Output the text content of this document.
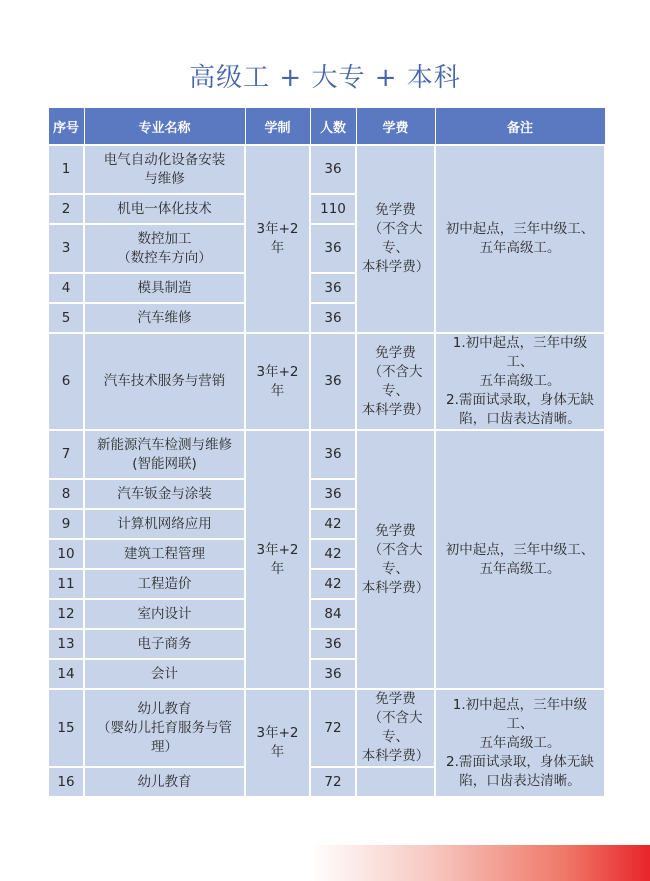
高级工 + 大专 + 本科
序号	专业名称	学制	人数	学费	备注
1	电气自动化设备安装
与维修	3年+2年	36	免学费
（不含大专、
本科学费）	初中起点，三年中级工、
五年高级工。

2	机电一体化技术		110		
3	数控加工
（数控车方向）		36		
4	模具制造		36		
5	汽车维修		36		
6	汽车技术服务与营销	3年+2年	36	免学费
（不含大专、
本科学费）	1.初中起点，三年中级工、
五年高级工。
2.需面试录取，身体无缺
陷，口齿表达清晰。

7	新能源汽车检测与维修
(智能网联)	3年+2年	36	免学费
（不含大专、
本科学费）	初中起点，三年中级工、
五年高级工。

8	汽车钣金与涂装		36		
9	计算机网络应用		42		
10	建筑工程管理		42		
11	工程造价		42		
12	室内设计		84		
13	电子商务		36		
14	会计		36		
15	幼儿教育
（婴幼儿托育服务与管理）	3年+2年	72	免学费
（不含大专、
本科学费）	1.初中起点，三年中级工、
五年高级工。
2.需面试录取，身体无缺
陷，口齿表达清晰。

16	幼儿教育		72		
